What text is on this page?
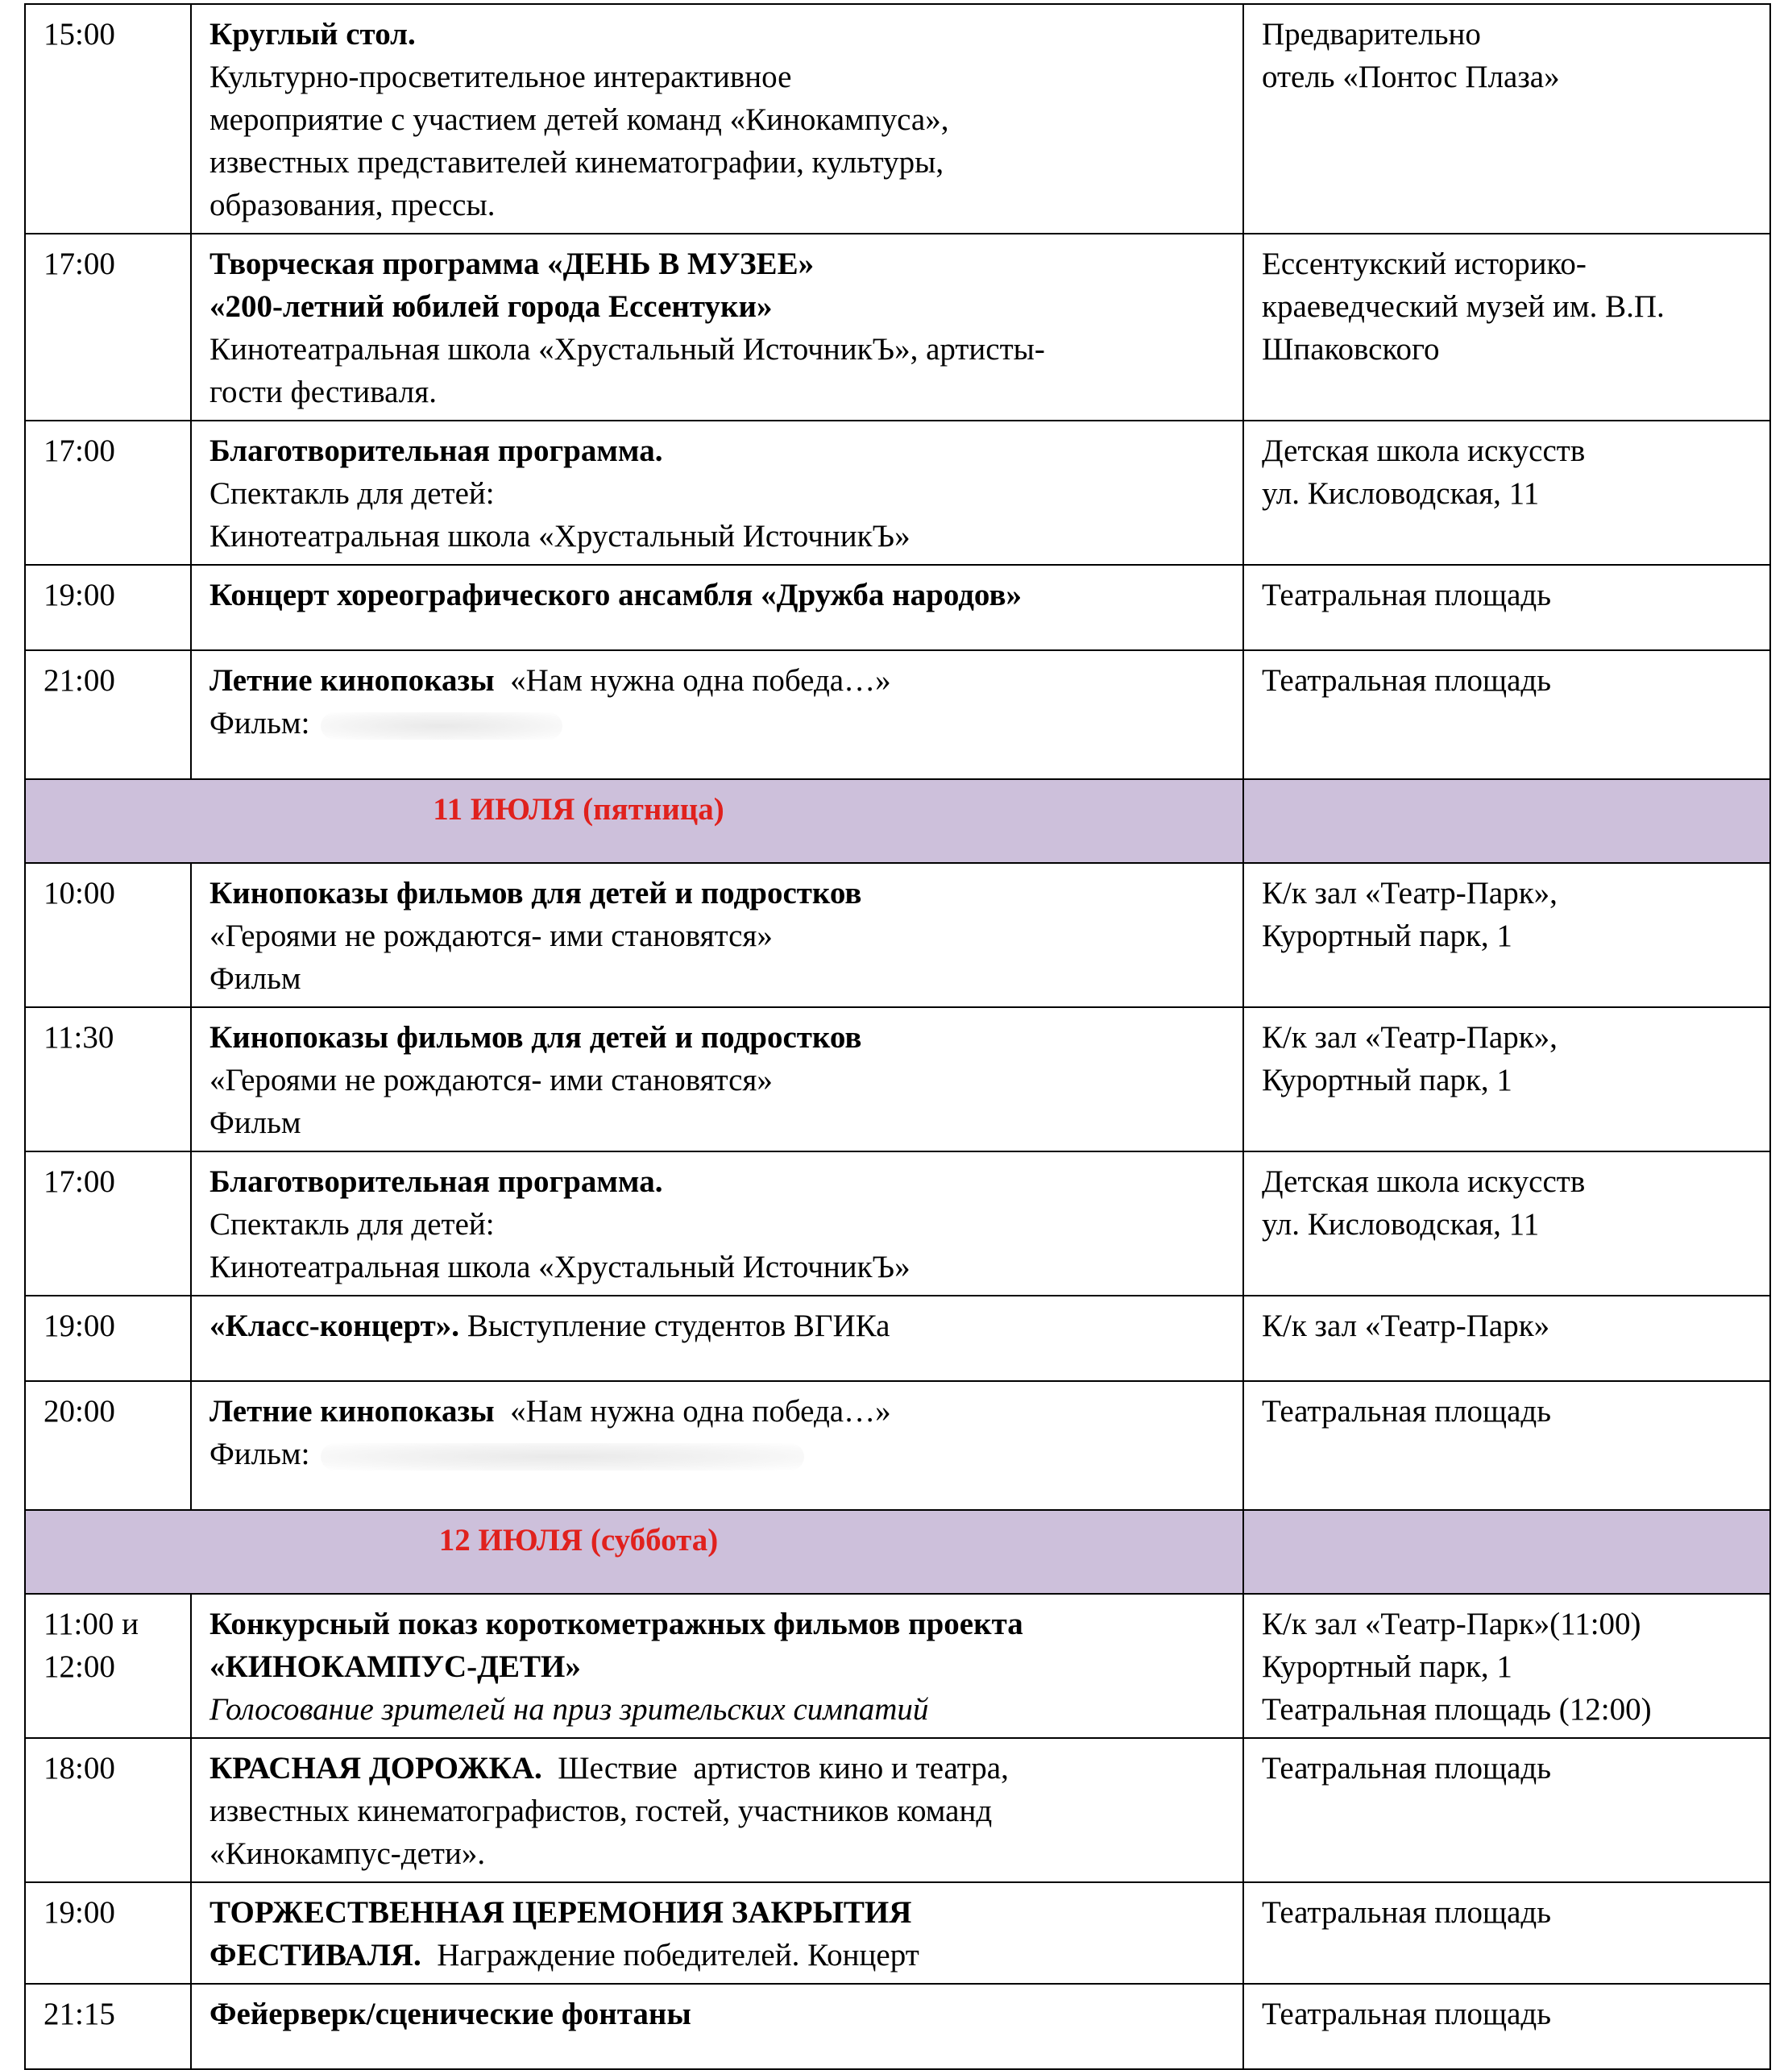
15:00	Круглый стол.
Культурно-просветительное интерактивное
мероприятие с участием детей команд «Кинокампуса»,
известных представителей кинематографии, культуры,
образования, прессы.	Предварительно
отель «Понтос Плаза»

17:00	Творческая программа «ДЕНЬ В МУЗЕЕ»
«200-летний юбилей города Ессентуки»
Кинотеатральная школа «Хрустальный ИсточникЪ», артисты-
гости фестиваля.	Ессентукский историко-
краеведческий музей им. В.П.
Шпаковского

17:00	Благотворительная программа.
Спектакль для детей:
Кинотеатральная школа «Хрустальный ИсточникЪ»	Детская школа искусств
ул. Кисловодская, 11

19:00	Концерт хореографического ансамбля «Дружба народов»	Театральная площадь

21:00	Летние кинопоказы  «Нам нужна одна победа…»
Фильм:	Театральная площадь

11 ИЮЛЯ (пятница)		

10:00	Кинопоказы фильмов для детей и подростков
«Героями не рождаются- ими становятся»
Фильм	К/к зал «Театр-Парк»,
Курортный парк, 1

11:30	Кинопоказы фильмов для детей и подростков
«Героями не рождаются- ими становятся»
Фильм	К/к зал «Театр-Парк»,
Курортный парк, 1

17:00	Благотворительная программа.
Спектакль для детей:
Кинотеатральная школа «Хрустальный ИсточникЪ»	Детская школа искусств
ул. Кисловодская, 11

19:00	«Класс-концерт». Выступление студентов ВГИКа	К/к зал «Театр-Парк»

20:00	Летние кинопоказы  «Нам нужна одна победа…»
Фильм:	Театральная площадь

12 ИЮЛЯ (суббота)		

11:00 и
12:00	Конкурсный показ короткометражных фильмов проекта
«КИНОКАМПУС-ДЕТИ»
Голосование зрителей на приз зрительских симпатий	К/к зал «Театр-Парк»(11:00)
Курортный парк, 1
Театральная площадь (12:00)

18:00	КРАСНАЯ ДОРОЖКА.  Шествие  артистов кино и театра,
известных кинематографистов, гостей, участников команд
«Кинокампус-дети».	Театральная площадь

19:00	ТОРЖЕСТВЕННАЯ ЦЕРЕМОНИЯ ЗАКРЫТИЯ
ФЕСТИВАЛЯ.  Награждение победителей. Концерт	Театральная площадь

21:15	Фейерверк/сценические фонтаны	Театральная площадь
